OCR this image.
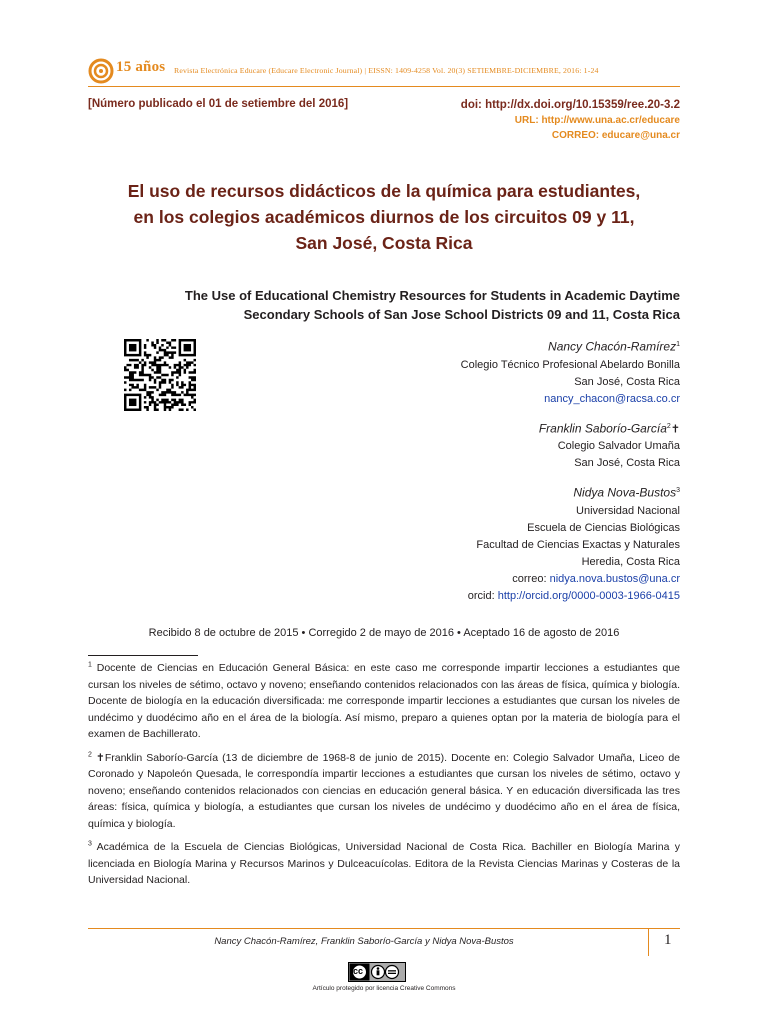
15 años Revista Electrónica Educare (Educare Electronic Journal) | EISSN: 1409-4258 Vol. 20(3) SETIEMBRE-DICIEMBRE, 2016: 1-24
[Número publicado el 01 de setiembre del 2016]	doi: http://dx.doi.org/10.15359/ree.20-3.2
URL: http://www.una.ac.cr/educare
CORREO: educare@una.cr
El uso de recursos didácticos de la química para estudiantes,
en los colegios académicos diurnos de los circuitos 09 y 11,
San José, Costa Rica
The Use of Educational Chemistry Resources for Students in Academic Daytime
Secondary Schools of San Jose School Districts 09 and 11, Costa Rica
Nancy Chacón-Ramírez$^1$
Colegio Técnico Profesional Abelardo Bonilla
San José, Costa Rica
nancy_chacon@racsa.co.cr
Franklin Saborío-García$^2$✝
Colegio Salvador Umaña
San José, Costa Rica
Nidya Nova-Bustos$^3$
Universidad Nacional
Escuela de Ciencias Biológicas
Facultad de Ciencias Exactas y Naturales
Heredia, Costa Rica
correo: nidya.nova.bustos@una.cr
orcid: http://orcid.org/0000-0003-1966-0415
Recibido 8 de octubre de 2015 • Corregido 2 de mayo de 2016 • Aceptado 16 de agosto de 2016

$^1$ Docente de Ciencias en Educación General Básica: en este caso me corresponde impartir lecciones a estudiantes que cursan los niveles de sétimo, octavo y noveno; enseñando contenidos relacionados con las áreas de física, química y biología. Docente de biología en la educación diversificada: me corresponde impartir lecciones a estudiantes que cursan los niveles de undécimo y duodécimo año en el área de la biología. Así mismo, preparo a quienes optan por la materia de biología para el examen de Bachillerato.

$^2$ ✝Franklin Saborío-García (13 de diciembre de 1968-8 de junio de 2015). Docente en: Colegio Salvador Umaña, Liceo de Coronado y Napoleón Quesada, le correspondía impartir lecciones a estudiantes que cursan los niveles de sétimo, octavo y noveno; enseñando contenidos relacionados con ciencias en educación general básica. Y en educación diversificada las tres áreas: física, química y biología, a estudiantes que cursan los niveles de undécimo y duodécimo año en el área de física, química y biología.

$^3$ Académica de la Escuela de Ciencias Biológicas, Universidad Nacional de Costa Rica. Bachiller en Biología Marina y licenciada en Biología Marina y Recursos Marinos y Dulceacuícolas. Editora de la Revista Ciencias Marinas y Costeras de la Universidad Nacional.

Nancy Chacón-Ramírez, Franklin Saborío-García y Nidya Nova-Bustos	1
cc
Artículo protegido por licencia Creative Commons
